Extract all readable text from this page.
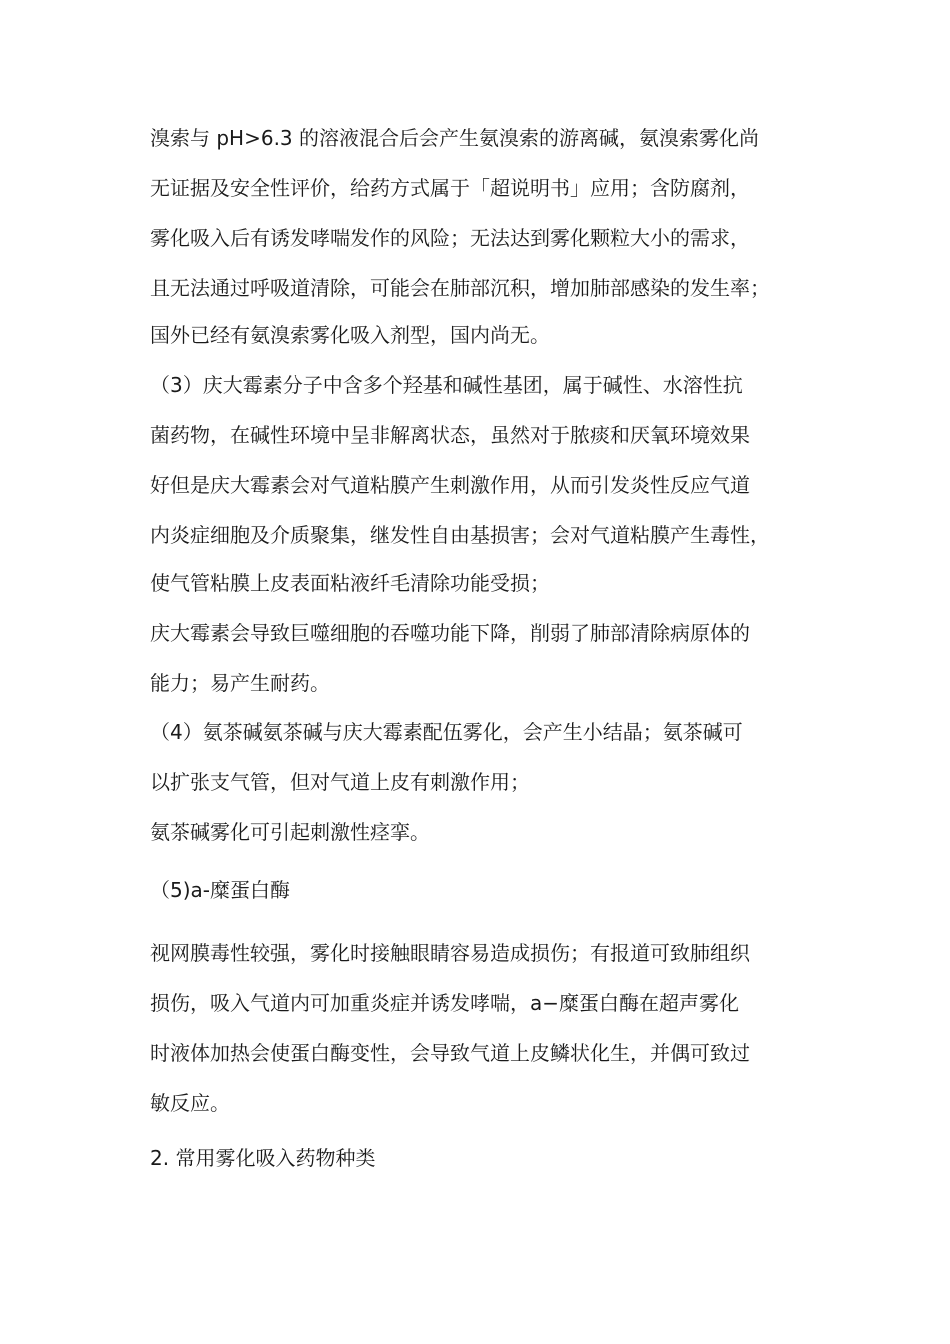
溴索与 pH>6.3 的溶液混合后会产生氨溴索的游离碱，氨溴索雾化尚
无证据及安全性评价，给药方式属于「超说明书」应用；含防腐剂，
雾化吸入后有诱发哮喘发作的风险；无法达到雾化颗粒大小的需求，
且无法通过呼吸道清除，可能会在肺部沉积，增加肺部感染的发生率；
国外已经有氨溴索雾化吸入剂型，国内尚无。
（3）庆大霉素分子中含多个羟基和碱性基团，属于碱性、水溶性抗
菌药物，在碱性环境中呈非解离状态，虽然对于脓痰和厌氧环境效果
好但是庆大霉素会对气道粘膜产生刺激作用，从而引发炎性反应气道
内炎症细胞及介质聚集，继发性自由基损害；会对气道粘膜产生毒性，
使气管粘膜上皮表面粘液纤毛清除功能受损；
庆大霉素会导致巨噬细胞的吞噬功能下降，削弱了肺部清除病原体的
能力；易产生耐药。
（4）氨茶碱氨茶碱与庆大霉素配伍雾化，会产生小结晶；氨茶碱可
以扩张支气管，但对气道上皮有刺激作用；
氨茶碱雾化可引起刺激性痉挛。
（5)a-糜蛋白酶
视网膜毒性较强，雾化时接触眼睛容易造成损伤；有报道可致肺组织
损伤，吸入气道内可加重炎症并诱发哮喘，a−糜蛋白酶在超声雾化
时液体加热会使蛋白酶变性，会导致气道上皮鳞状化生，并偶可致过
敏反应。
2. 常用雾化吸入药物种类
